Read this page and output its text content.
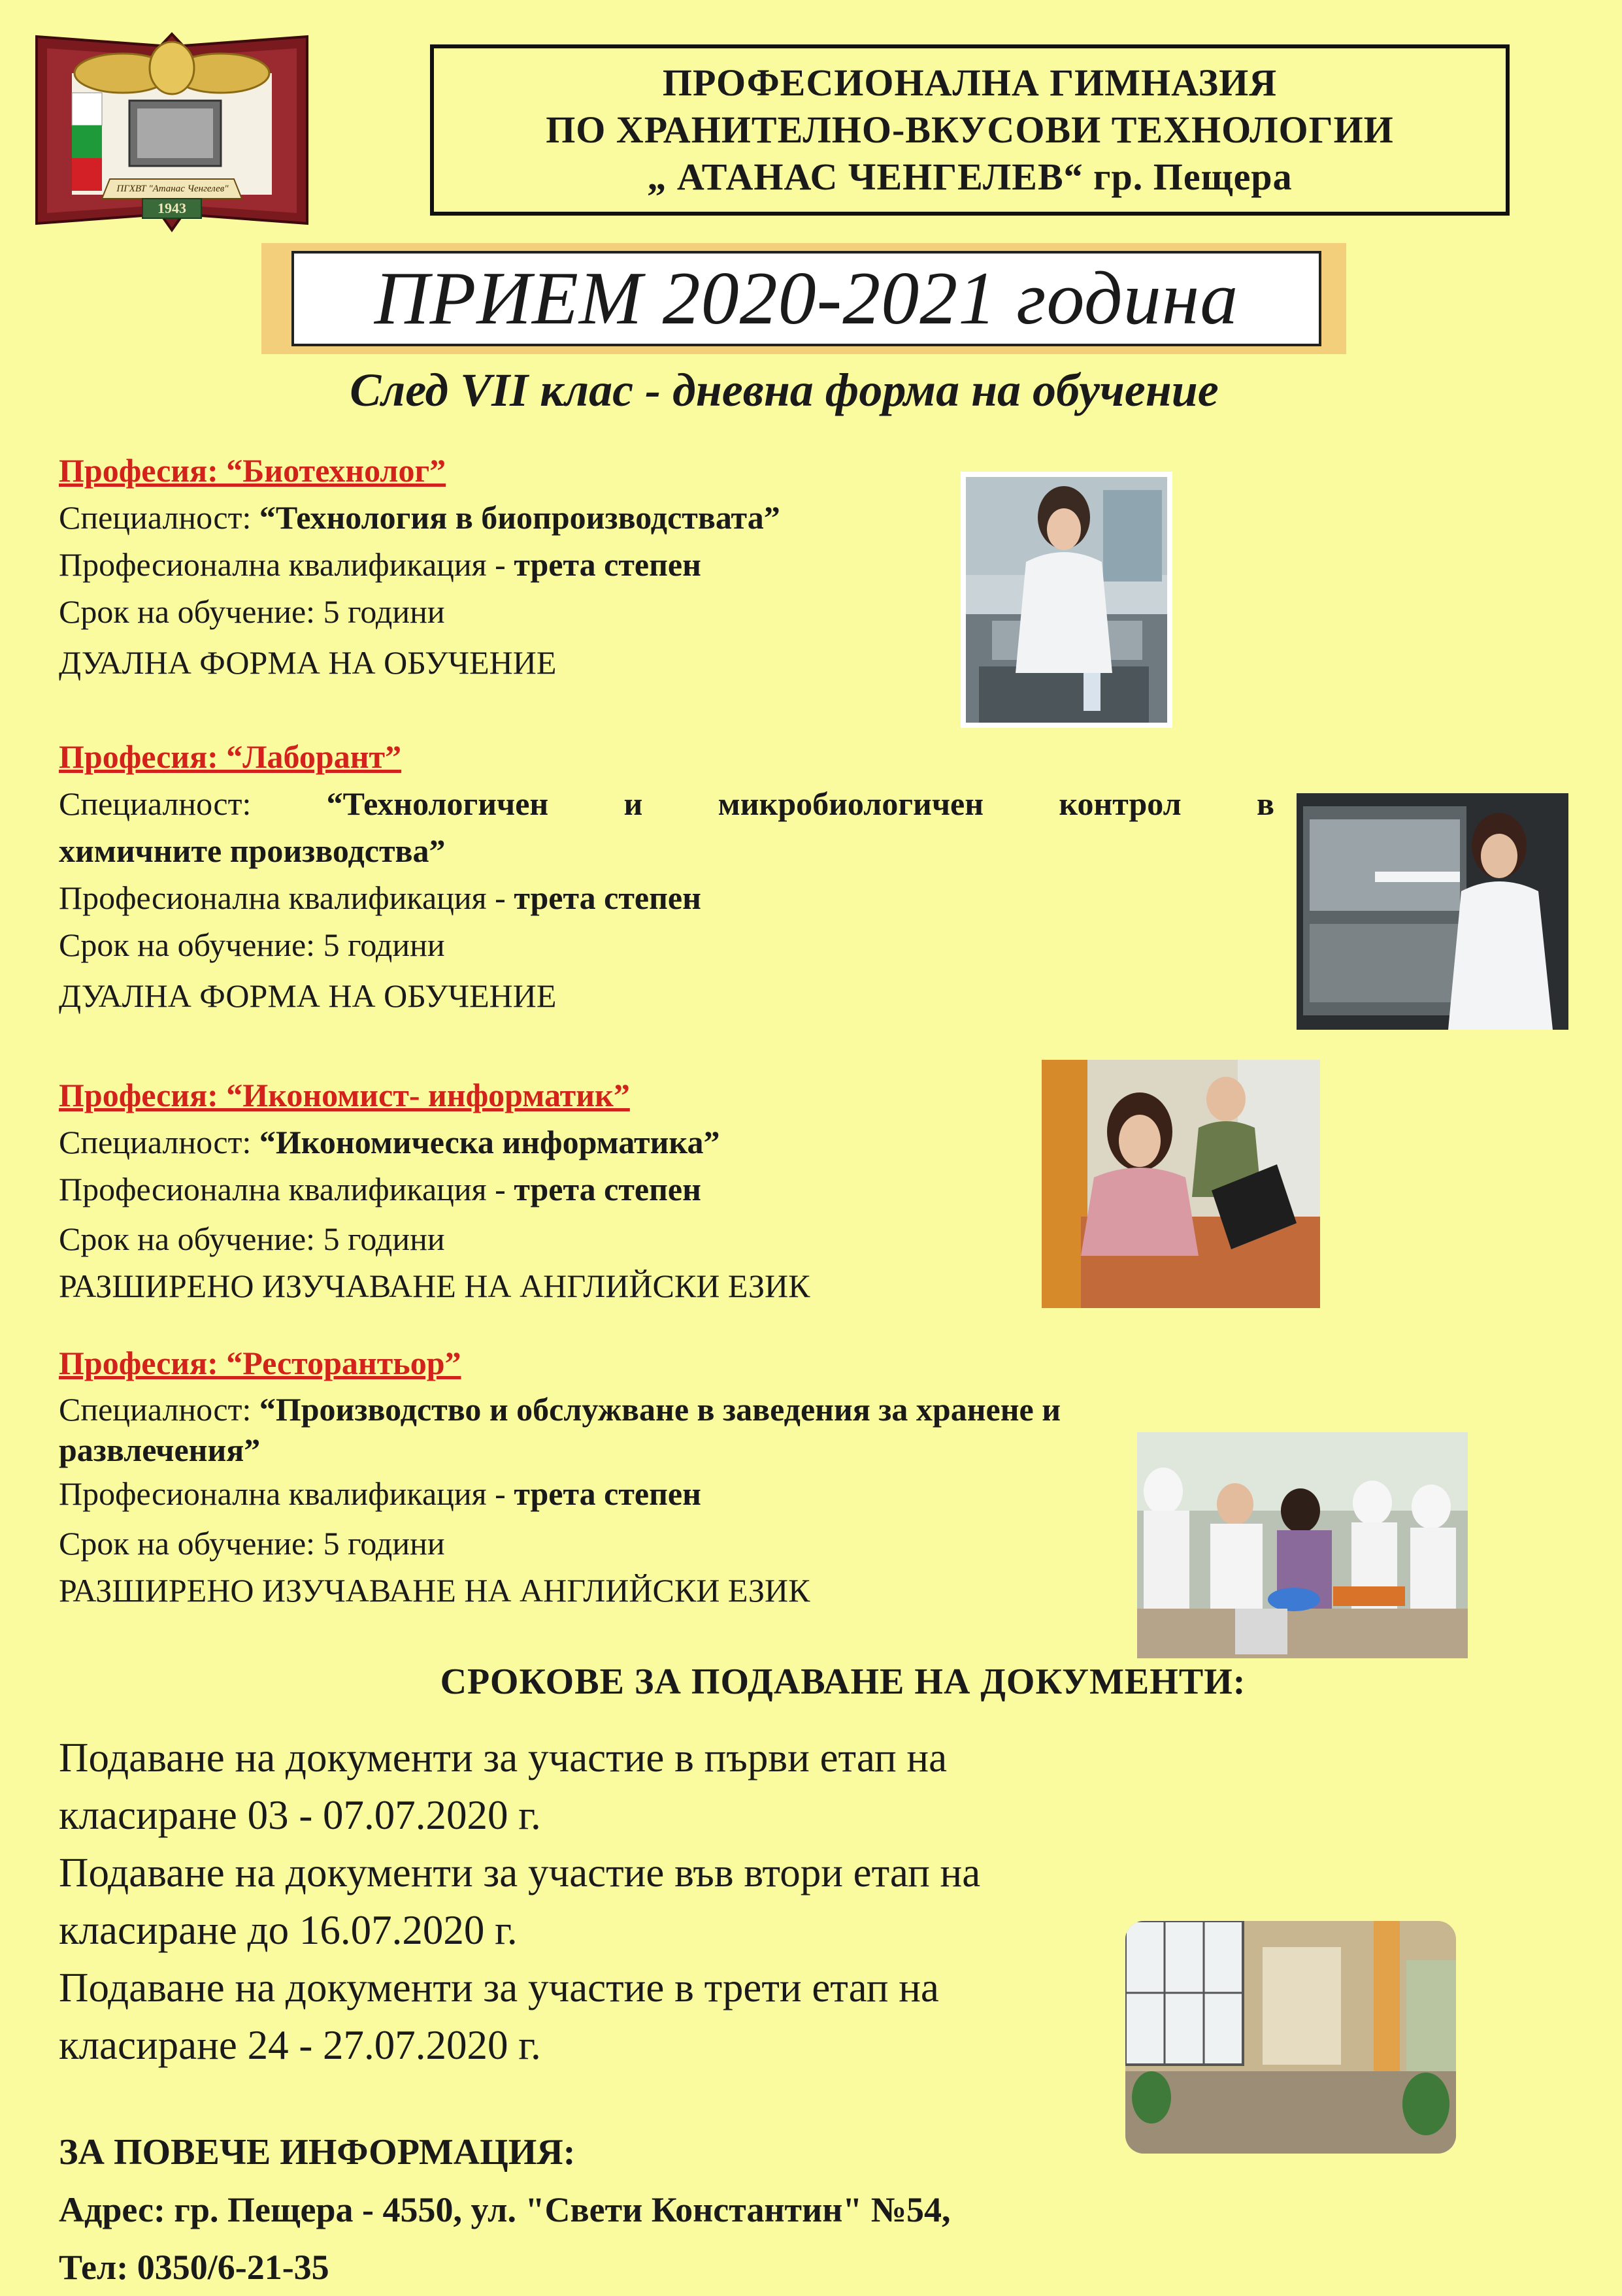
ПГХВТ "Атанас Ченгелев"
1943
ПРОФЕСИОНАЛНА ГИМНАЗИЯ
ПО ХРАНИТЕЛНО-ВКУСОВИ ТЕХНОЛОГИИ
„ АТАНАС ЧЕНГЕЛЕВ“ гр. Пещера
ПРИЕМ 2020-2021 година
След VII клас - дневна форма на обучение
Професия: “Биотехнолог”
Специалност: “Технология в биопроизводствата”
Професионална квалификация - трета степен
Срок на обучение: 5 години
ДУАЛНА ФОРМА НА ОБУЧЕНИЕ
Професия: “Лаборант”
Специалност: “Технологичен и микробиологичен контрол в
химичните производства”
Професионална квалификация - трета степен
Срок на обучение: 5 години
ДУАЛНА ФОРМА НА ОБУЧЕНИЕ
Професия: “Икономист- информатик”
Специалност: “Икономическа информатика”
Професионална квалификация - трета степен
Срок на обучение: 5 години
РАЗШИРЕНО ИЗУЧАВАНЕ НА АНГЛИЙСКИ ЕЗИК
Професия: “Ресторантьор”
Специалност: “Производство и обслужване в заведения за хранене и
развлечения”
Професионална квалификация - трета степен
Срок на обучение: 5 години
РАЗШИРЕНО ИЗУЧАВАНЕ НА АНГЛИЙСКИ ЕЗИК
СРОКОВЕ ЗА ПОДАВАНЕ НА ДОКУМЕНТИ:
Подаване на документи за участие в първи етап на
класиране 03 - 07.07.2020 г.
Подаване на документи за участие във втори етап на
класиране до 16.07.2020 г.
Подаване на документи за участие в трети етап на
класиране 24 - 27.07.2020 г.
ЗА ПОВЕЧЕ ИНФОРМАЦИЯ:
Адрес: гр. Пещера - 4550, ул. "Свети Константин" №54,
Тел: 0350/6-21-35
